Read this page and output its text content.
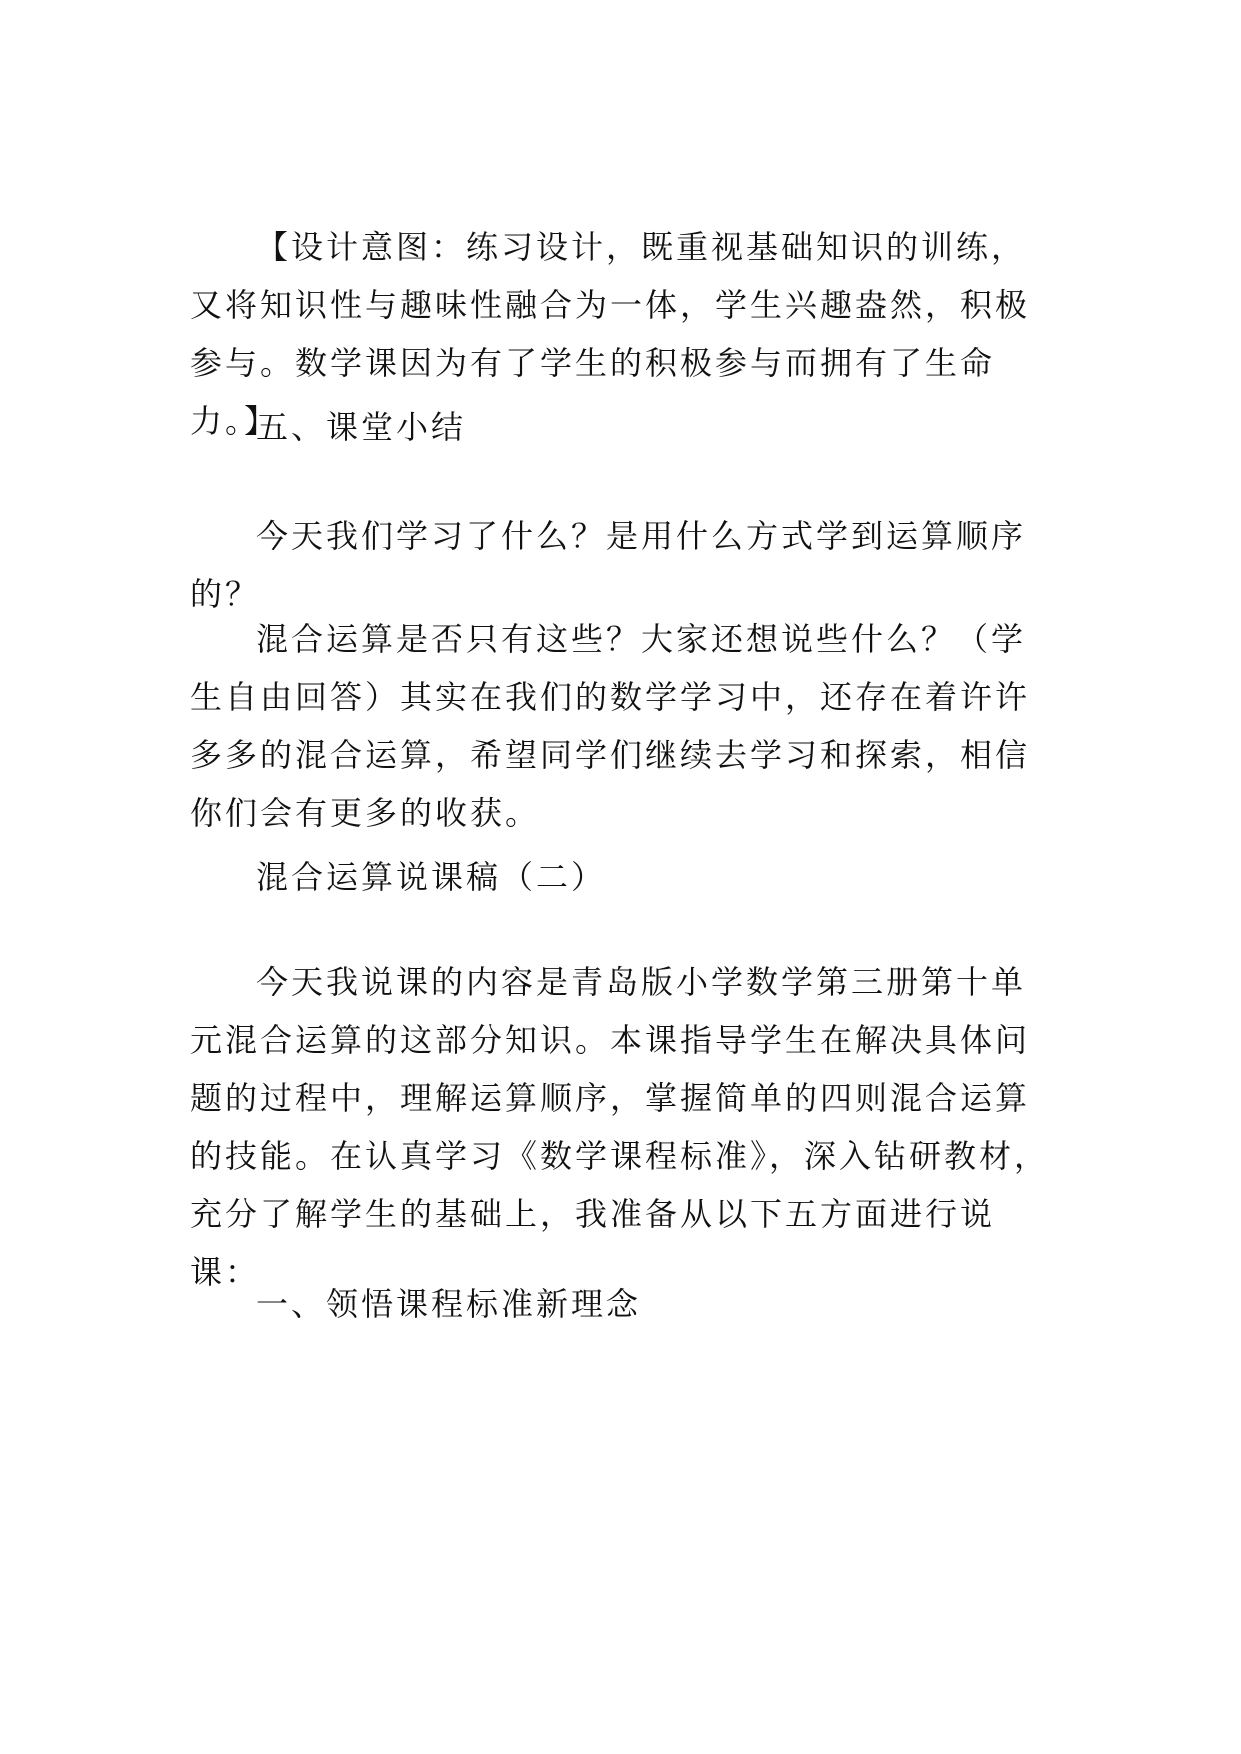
【设计意图：练习设计，既重视基础知识的训练，又将知识性与趣味性融合为一体，学生兴趣盎然，积极参与。数学课因为有了学生的积极参与而拥有了生命力。】

五、课堂小结

今天我们学习了什么？是用什么方式学到运算顺序的？

混合运算是否只有这些？大家还想说些什么？（学生自由回答）其实在我们的数学学习中，还存在着许许多多的混合运算，希望同学们继续去学习和探索，相信你们会有更多的收获。

混合运算说课稿（二）

今天我说课的内容是青岛版小学数学第三册第十单元混合运算的这部分知识。本课指导学生在解决具体问题的过程中，理解运算顺序，掌握简单的四则混合运算的技能。在认真学习《数学课程标准》，深入钻研教材，充分了解学生的基础上，我准备从以下五方面进行说课：

一、领悟课程标准新理念
